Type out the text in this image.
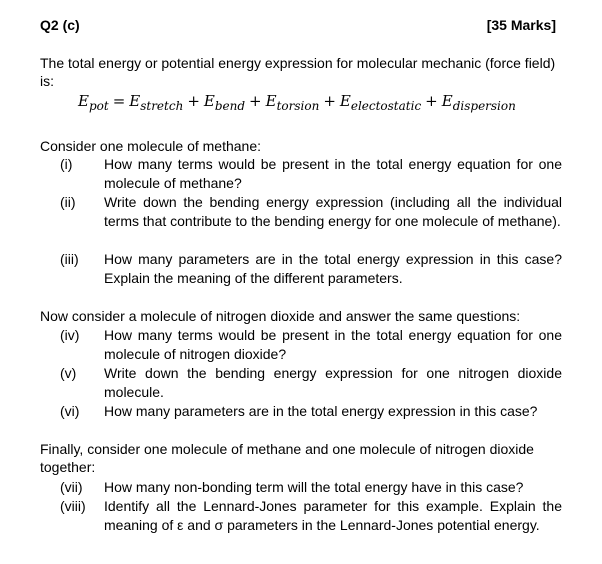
Q2 (c)	[35 Marks]
The total energy or potential energy expression for molecular mechanic (force field) is:
$E_{pot} = E_{stretch} + E_{bend} + E_{torsion} + E_{electostatic} + E_{dispersion}$
Consider one molecule of methane:
(i) How many terms would be present in the total energy equation for one molecule of methane?
(ii) Write down the bending energy expression (including all the individual terms that contribute to the bending energy for one molecule of methane).
(iii) How many parameters are in the total energy expression in this case? Explain the meaning of the different parameters.
Now consider a molecule of nitrogen dioxide and answer the same questions:
(iv) How many terms would be present in the total energy equation for one molecule of nitrogen dioxide?
(v) Write down the bending energy expression for one nitrogen dioxide molecule.
(vi) How many parameters are in the total energy expression in this case?
Finally, consider one molecule of methane and one molecule of nitrogen dioxide together:
(vii) How many non-bonding term will the total energy have in this case?
(viii) Identify all the Lennard-Jones parameter for this example. Explain the meaning of ε and σ parameters in the Lennard-Jones potential energy.
